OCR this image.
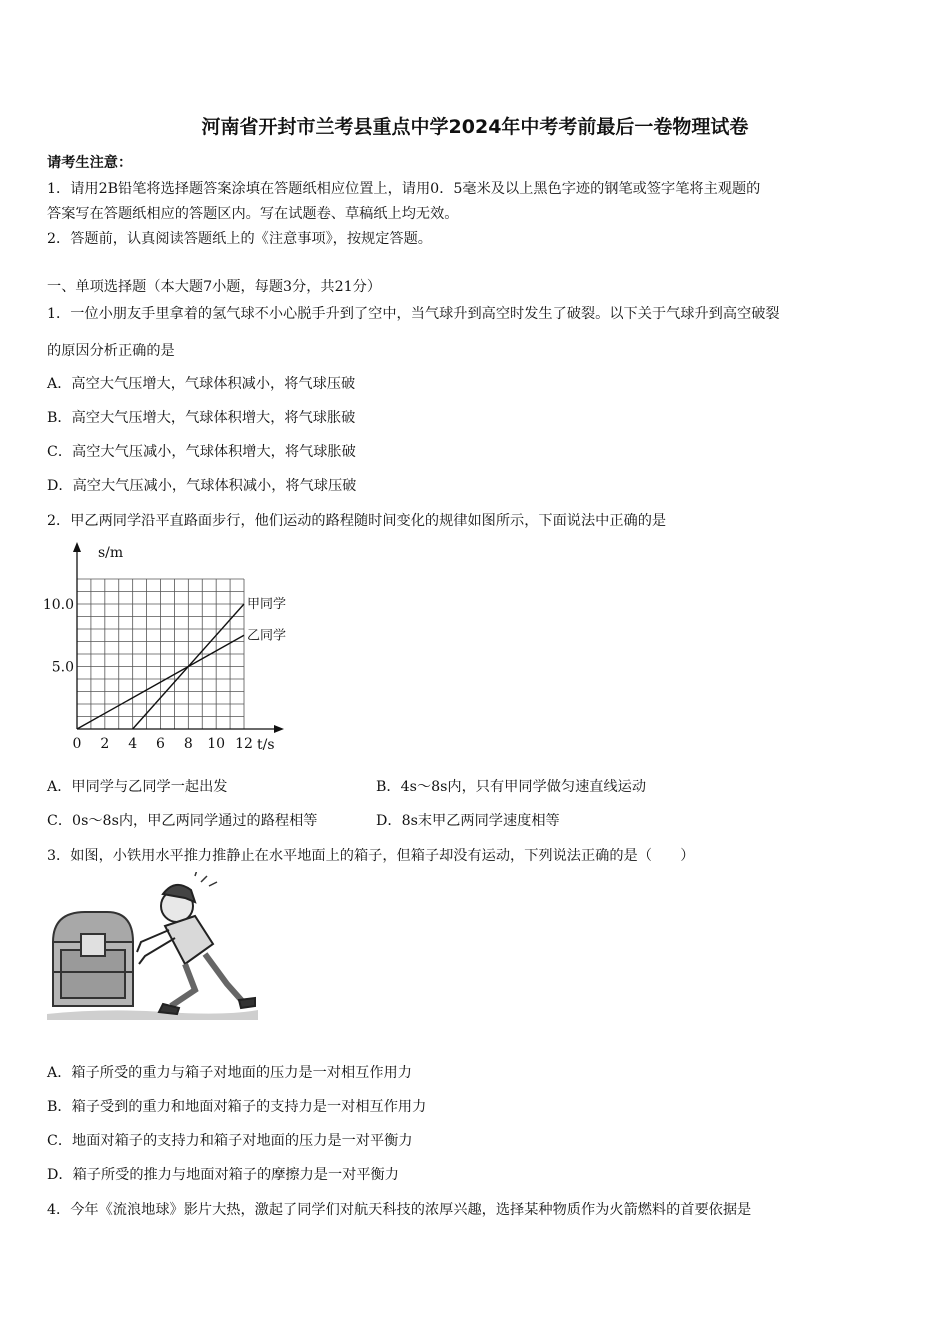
河南省开封市兰考县重点中学2024年中考考前最后一卷物理试卷
请考生注意：
1．请用2B铅笔将选择题答案涂填在答题纸相应位置上，请用0．5毫米及以上黑色字迹的钢笔或签字笔将主观题的
答案写在答题纸相应的答题区内。写在试题卷、草稿纸上均无效。
2．答题前，认真阅读答题纸上的《注意事项》，按规定答题。
一、单项选择题（本大题7小题，每题3分，共21分）
1．一位小朋友手里拿着的氢气球不小心脱手升到了空中，当气球升到高空时发生了破裂。以下关于气球升到高空破裂
的原因分析正确的是
A．高空大气压增大，气球体积减小，将气球压破
B．高空大气压增大，气球体积增大，将气球胀破
C．高空大气压减小，气球体积增大，将气球胀破
D．高空大气压减小，气球体积减小，将气球压破
2．甲乙两同学沿平直路面步行，他们运动的路程随时间变化的规律如图所示，下面说法中正确的是
甲同学
乙同学
0 2 4 6 8 10 12
5.0
10.0
t/s
s/m
A．甲同学与乙同学一起出发	B．4s～8s内，只有甲同学做匀速直线运动
C．0s～8s内，甲乙两同学通过的路程相等	D．8s末甲乙两同学速度相等
3．如图，小铁用水平推力推静止在水平地面上的箱子，但箱子却没有运动，下列说法正确的是（　　）
A．箱子所受的重力与箱子对地面的压力是一对相互作用力
B．箱子受到的重力和地面对箱子的支持力是一对相互作用力
C．地面对箱子的支持力和箱子对地面的压力是一对平衡力
D．箱子所受的推力与地面对箱子的摩擦力是一对平衡力
4．今年《流浪地球》影片大热，激起了同学们对航天科技的浓厚兴趣，选择某种物质作为火箭燃料的首要依据是
